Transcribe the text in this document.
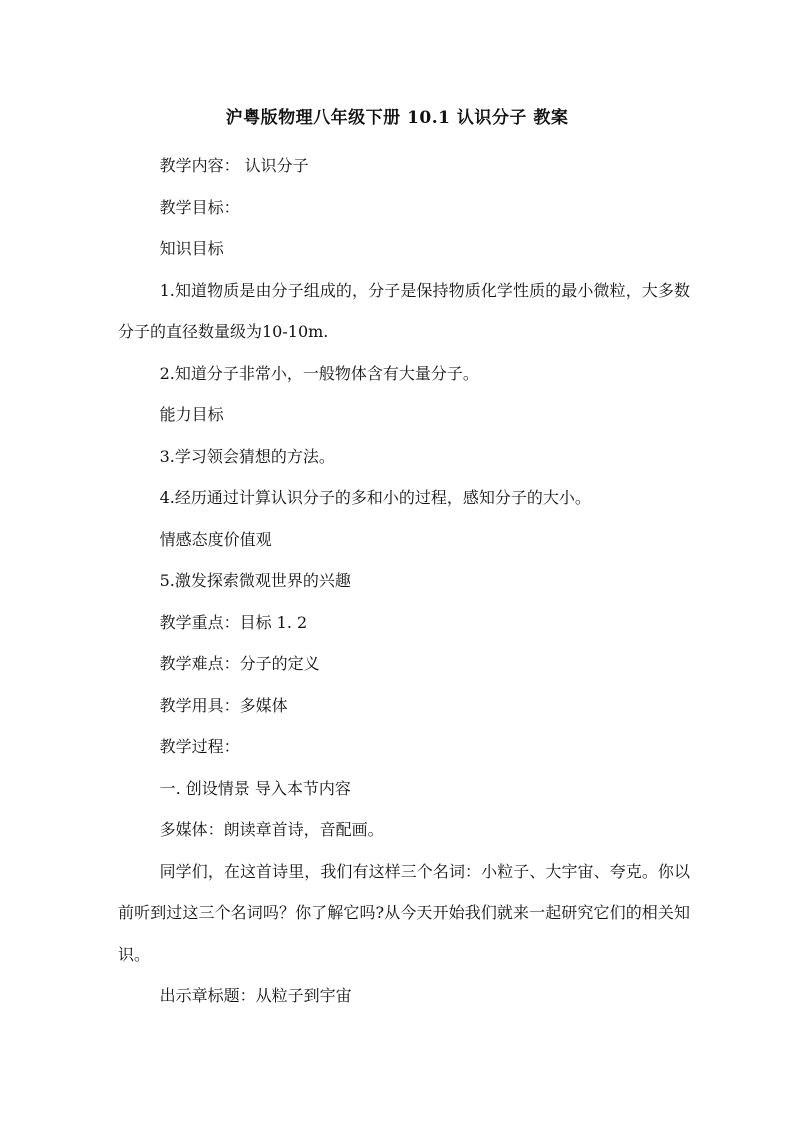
沪粤版物理八年级下册 10.1 认识分子 教案

教学内容： 认识分子

教学目标：

知识目标

1.知道物质是由分子组成的，分子是保持物质化学性质的最小微粒，大多数分子的直径数量级为10-10m.

2.知道分子非常小，一般物体含有大量分子。

能力目标

3.学习领会猜想的方法。

4.经历通过计算认识分子的多和小的过程，感知分子的大小。

情感态度价值观

5.激发探索微观世界的兴趣

教学重点：目标 1. 2

教学难点：分子的定义

教学用具：多媒体

教学过程：

一. 创设情景 导入本节内容

多媒体：朗读章首诗，音配画。

同学们，在这首诗里，我们有这样三个名词：小粒子、大宇宙、夸克。你以前听到过这三个名词吗？你了解它吗?从今天开始我们就来一起研究它们的相关知识。

出示章标题：从粒子到宇宙
